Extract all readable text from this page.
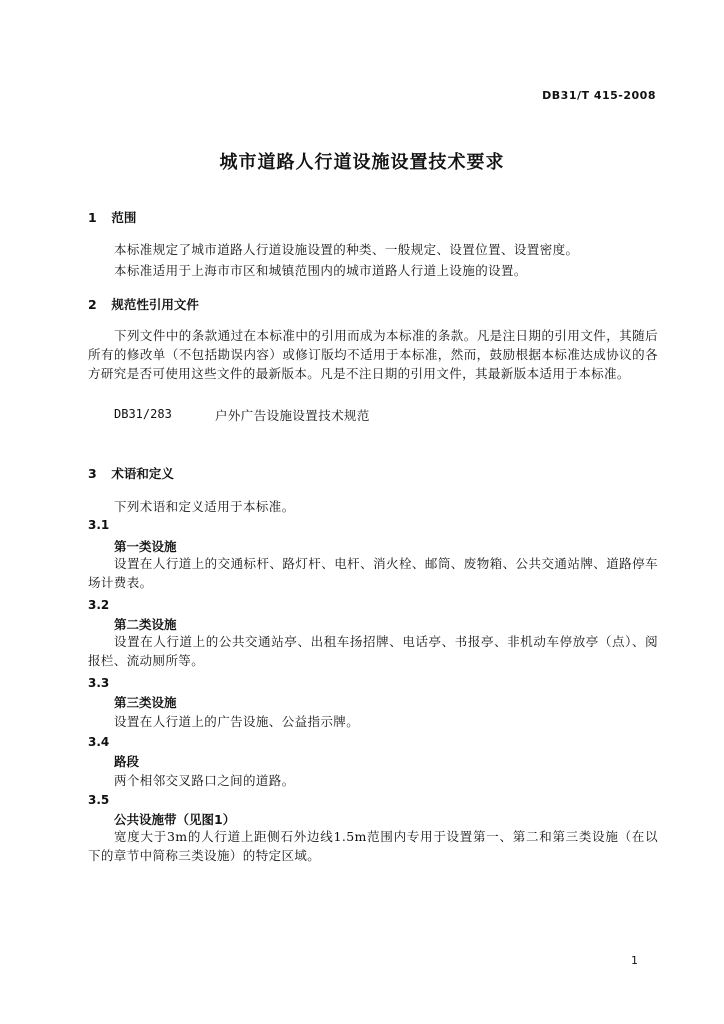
DB31/T 415-2008
城市道路人行道设施设置技术要求
1 范围
本标准规定了城市道路人行道设施设置的种类、一般规定、设置位置、设置密度。
本标准适用于上海市市区和城镇范围内的城市道路人行道上设施的设置。
2 规范性引用文件
下列文件中的条款通过在本标准中的引用而成为本标准的条款。凡是注日期的引用文件，其随后所有的修改单（不包括勘误内容）或修订版均不适用于本标准，然而，鼓励根据本标准达成协议的各方研究是否可使用这些文件的最新版本。凡是不注日期的引用文件，其最新版本适用于本标准。
DB31/283	户外广告设施设置技术规范
3 术语和定义
下列术语和定义适用于本标准。
3.1
第一类设施
设置在人行道上的交通标杆、路灯杆、电杆、消火栓、邮筒、废物箱、公共交通站牌、道路停车场计费表。
3.2
第二类设施
设置在人行道上的公共交通站亭、出租车扬招牌、电话亭、书报亭、非机动车停放亭（点）、阅报栏、流动厕所等。
3.3
第三类设施
设置在人行道上的广告设施、公益指示牌。
3.4
路段
两个相邻交叉路口之间的道路。
3.5
公共设施带（见图1）
宽度大于3m的人行道上距侧石外边线1.5m范围内专用于设置第一、第二和第三类设施（在以下的章节中简称三类设施）的特定区域。
1
